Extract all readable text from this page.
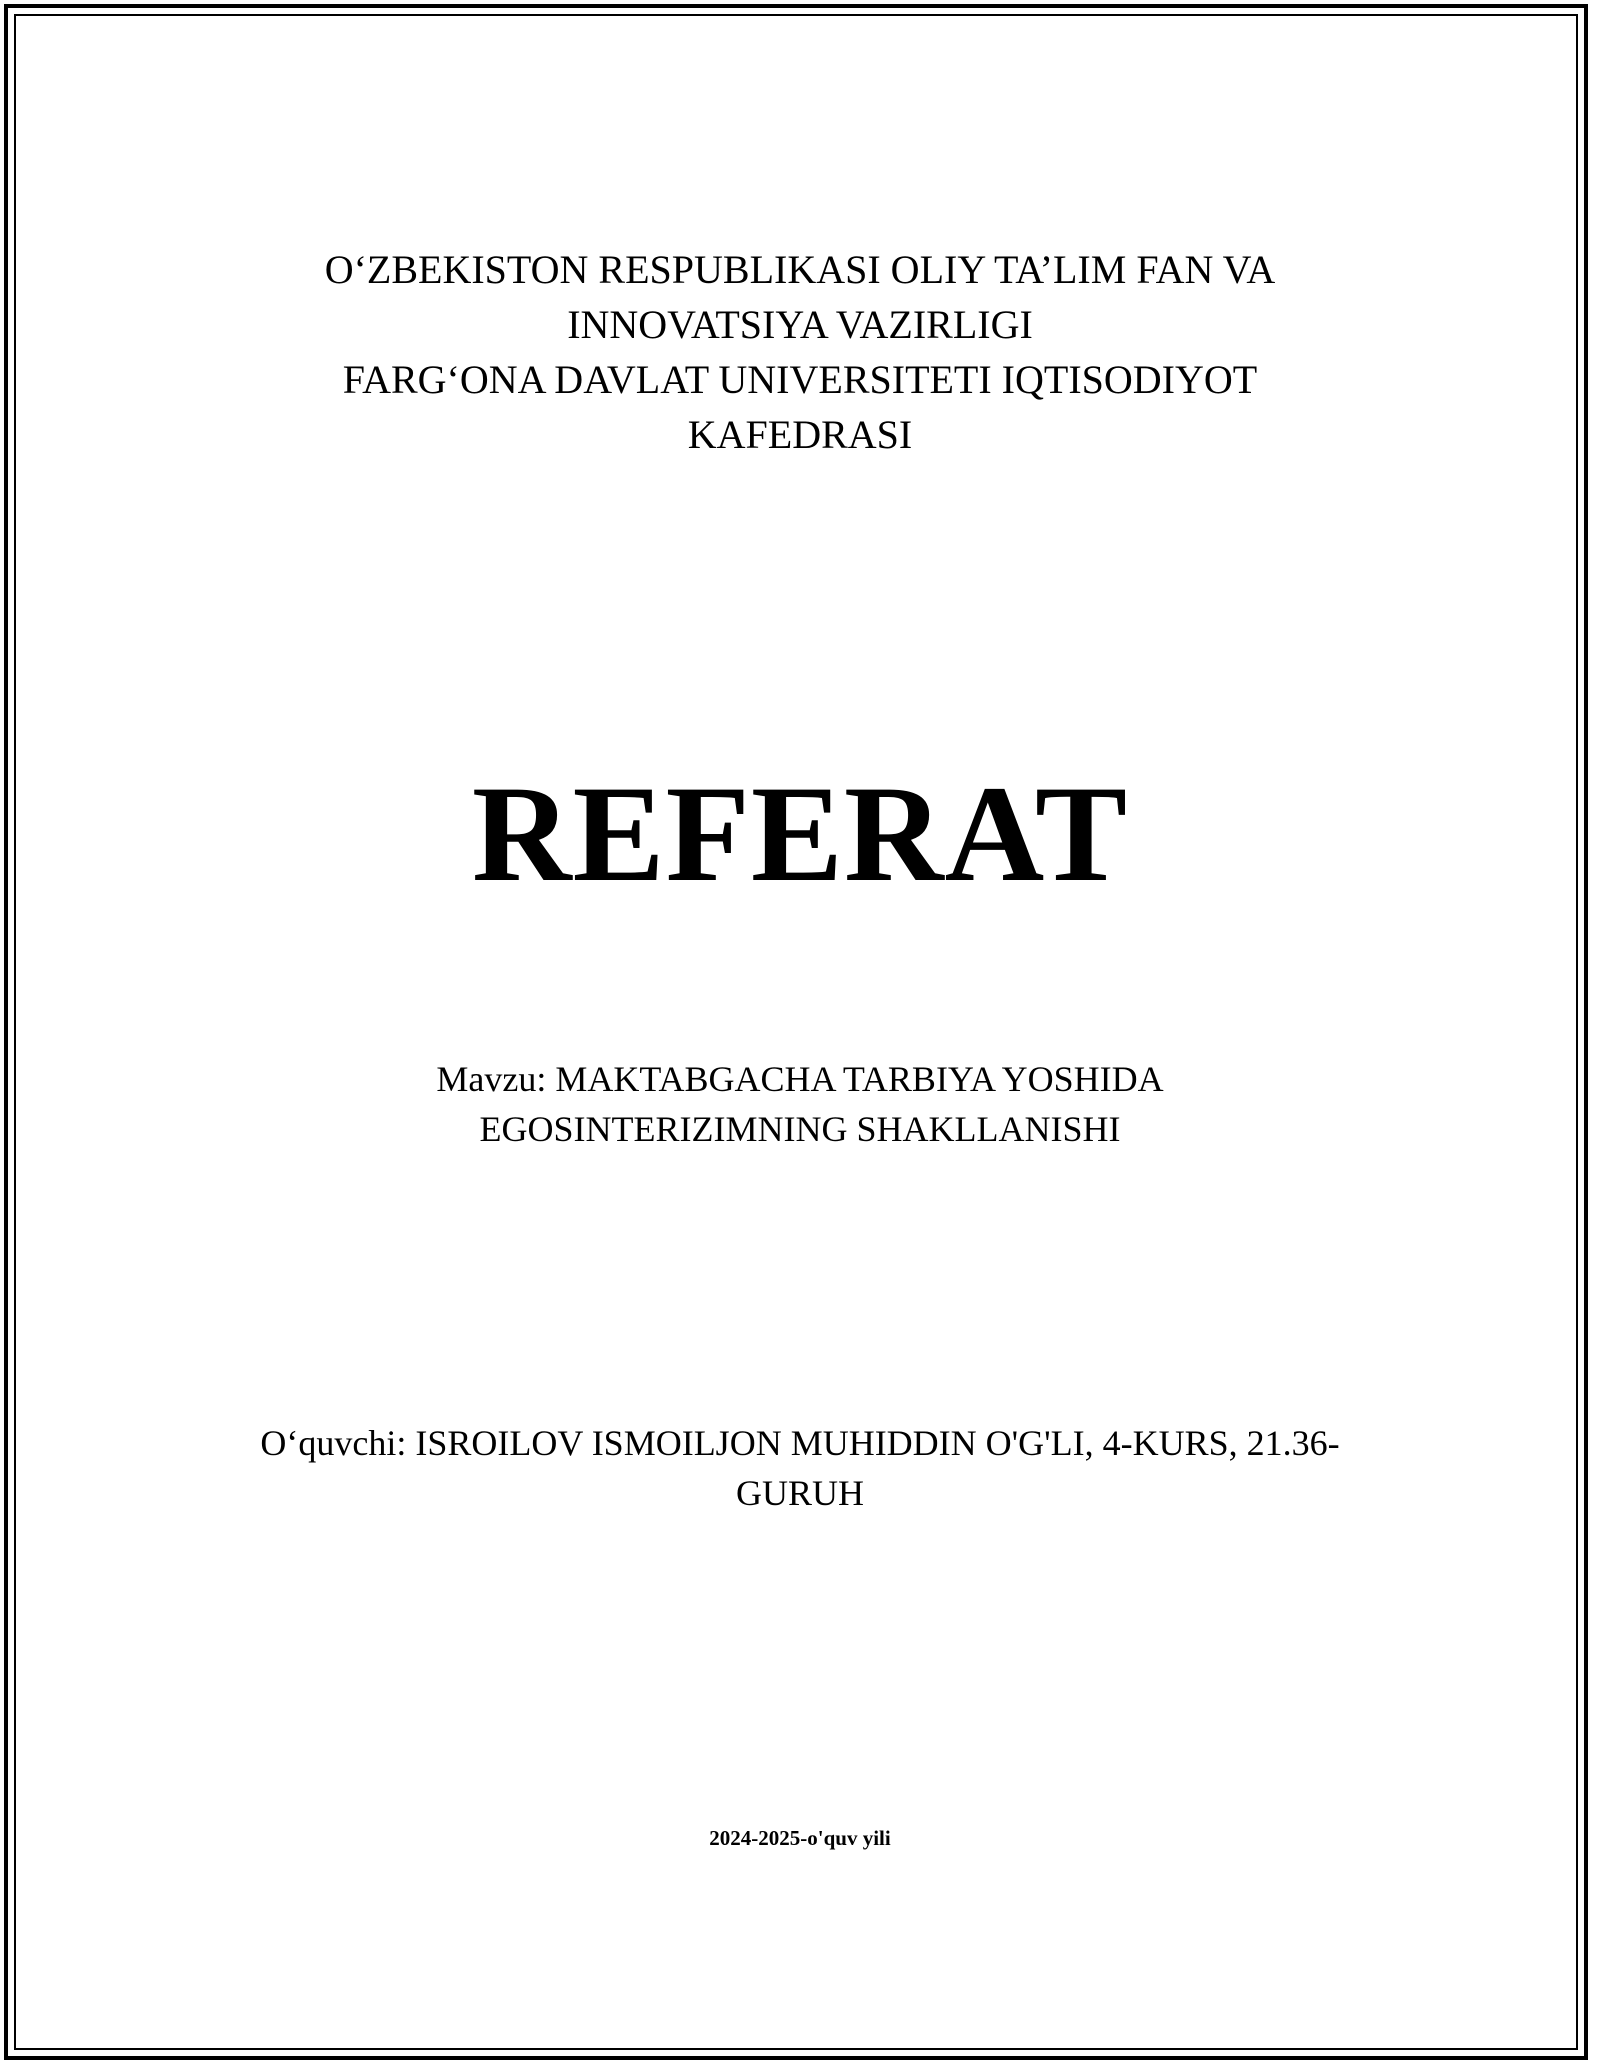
O‘ZBEKISTON RESPUBLIKASI OLIY TA’LIM FAN VA
INNOVATSIYA VAZIRLIGI
FARG‘ONA DAVLAT UNIVERSITETI IQTISODIYOT
KAFEDRASI
REFERAT
Mavzu: MAKTABGACHA TARBIYA YOSHIDA
EGOSINTERIZIMNING SHAKLLANISHI
O‘quvchi: ISROILOV ISMOILJON MUHIDDIN O'G'LI, 4-KURS, 21.36-
GURUH
2024-2025-o'quv yili
